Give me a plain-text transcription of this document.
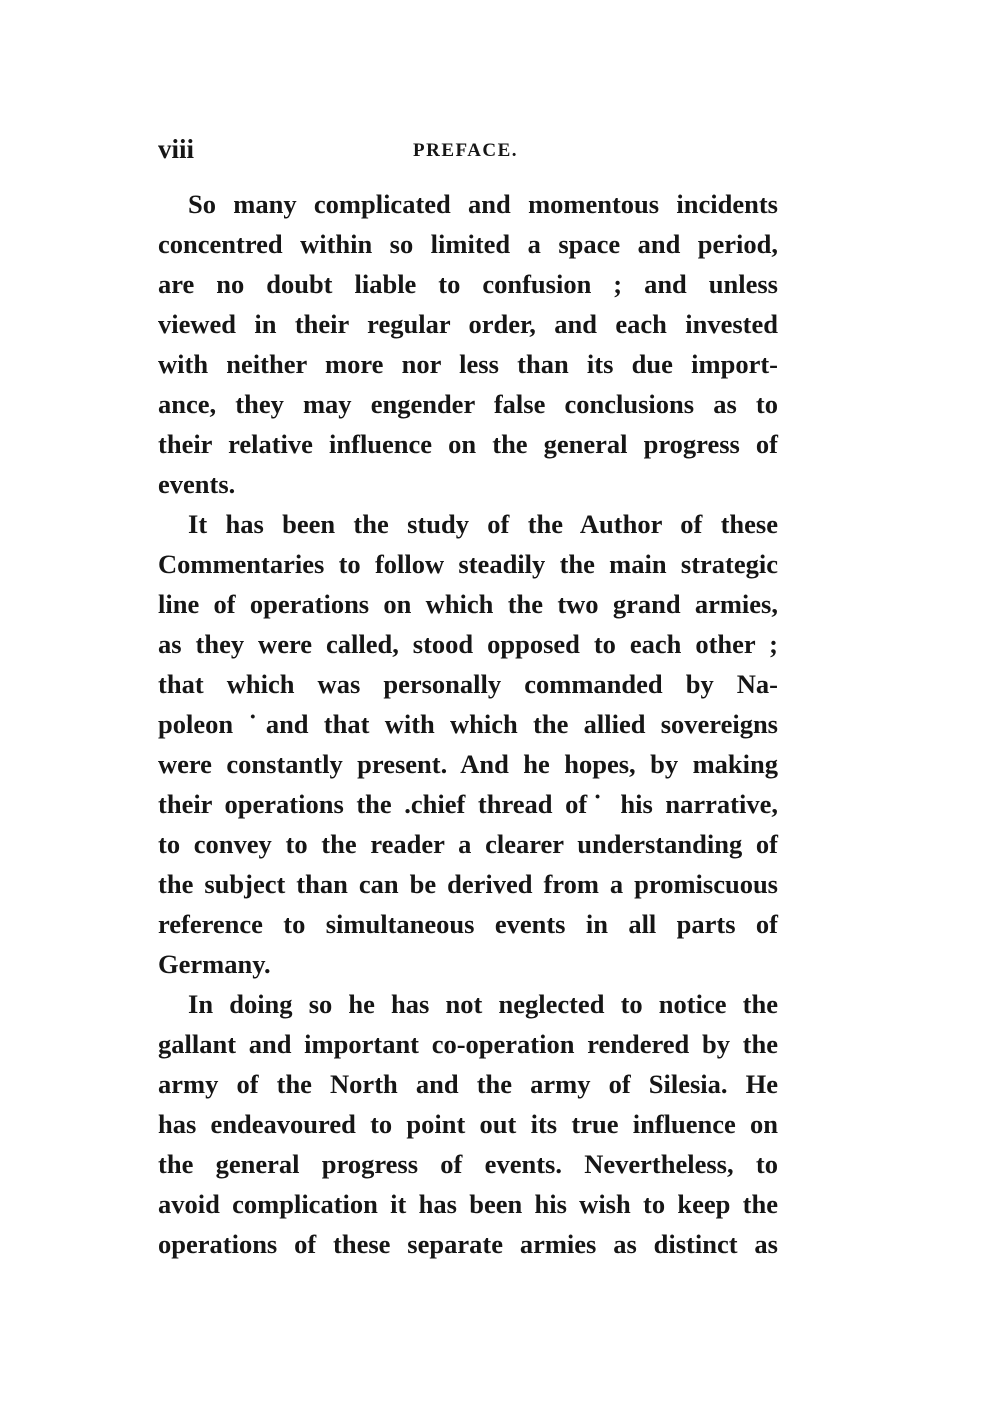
viii	PREFACE.
So many complicated and momentous incidents
concentred within so limited a space and period,
are no doubt liable to confusion ; and unless
viewed in their regular order, and each invested
with neither more nor less than its due import-
ance, they may engender false conclusions as to
their relative influence on the general progress of
events.
It has been the study of the Author of these
Commentaries to follow steadily the main strategic
line of operations on which the two grand armies,
as they were called, stood opposed to each other ;
that which was personally commanded by Na-
poleon ˙and that with which the allied sovereigns
were constantly present. And he hopes, by making
their operations the .chief thread of˙ his narrative,
to convey to the reader a clearer understanding of
the subject than can be derived from a promiscuous
reference to simultaneous events in all parts of
Germany.
In doing so he has not neglected to notice the
gallant and important co-operation rendered by the
army of the North and the army of Silesia. He
has endeavoured to point out its true influence on
the general progress of events. Nevertheless, to
avoid complication it has been his wish to keep the
operations of these separate armies as distinct as
